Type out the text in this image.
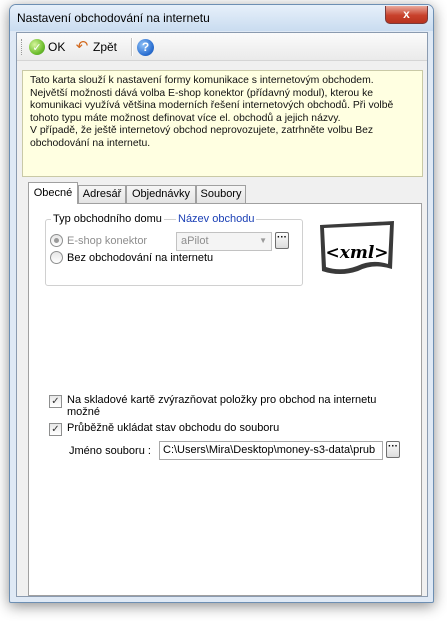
Nastavení obchodování na internetu	x
✓ OK ↶ Zpět	?
Tato karta slouží k nastavení formy komunikace s internetovým obchodem.
Největší možnosti dává volba E-shop konektor (přídavný modul), kterou ke
komunikaci využívá většina moderních řešení internetových obchodů. Při volbě
tohoto typu máte možnost definovat více el. obchodů a jejich názvy.
V případě, že ještě internetový obchod neprovozujete, zatrhněte volbu Bez
obchodování na internetu.
Obecné Adresář Objednávky Soubory
Typ obchodního domu Název obchodu
E-shop konektor
Bez obchodování na internetu
aPilot	▼ ···
<xml>
✓ Na skladové kartě zvýrazňovat položky pro obchod na internetu možné
✓ Průběžně ukládat stav obchodu do souboru
Jméno souboru :	C:\Users\Mira\Desktop\money-s3-data\prub	···
